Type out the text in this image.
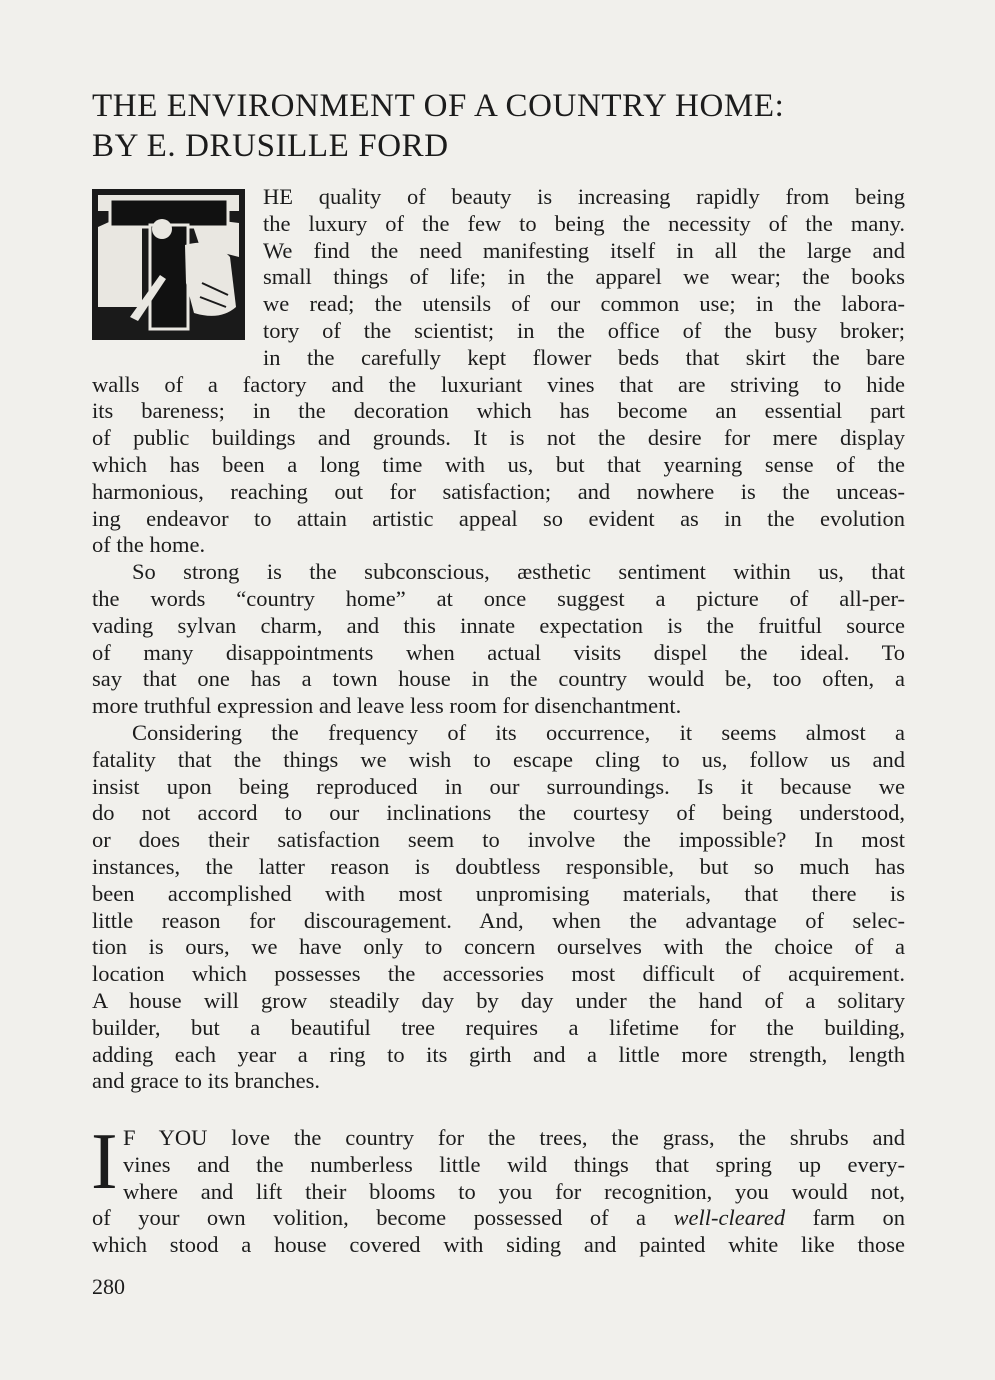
THE ENVIRONMENT OF A COUNTRY HOME:
BY E. DRUSILLE FORD
HE quality of beauty is increasing rapidly from being
the luxury of the few to being the necessity of the many.
We find the need manifesting itself in all the large and
small things of life; in the apparel we wear; the books
we read; the utensils of our common use; in the labora-
tory of the scientist; in the office of the busy broker;
in the carefully kept flower beds that skirt the bare
walls of a factory and the luxuriant vines that are striving to hide
its bareness; in the decoration which has become an essential part
of public buildings and grounds. It is not the desire for mere display
which has been a long time with us, but that yearning sense of the
harmonious, reaching out for satisfaction; and nowhere is the unceas-
ing endeavor to attain artistic appeal so evident as in the evolution
of the home.
So strong is the subconscious, æsthetic sentiment within us, that
the words “country home” at once suggest a picture of all-per-
vading sylvan charm, and this innate expectation is the fruitful source
of many disappointments when actual visits dispel the ideal. To
say that one has a town house in the country would be, too often, a
more truthful expression and leave less room for disenchantment.
Considering the frequency of its occurrence, it seems almost a
fatality that the things we wish to escape cling to us, follow us and
insist upon being reproduced in our surroundings. Is it because we
do not accord to our inclinations the courtesy of being understood,
or does their satisfaction seem to involve the impossible? In most
instances, the latter reason is doubtless responsible, but so much has
been accomplished with most unpromising materials, that there is
little reason for discouragement. And, when the advantage of selec-
tion is ours, we have only to concern ourselves with the choice of a
location which possesses the accessories most difficult of acquirement.
A house will grow steadily day by day under the hand of a solitary
builder, but a beautiful tree requires a lifetime for the building,
adding each year a ring to its girth and a little more strength, length
and grace to its branches.
I F YOU love the country for the trees, the grass, the shrubs and
vines and the numberless little wild things that spring up every-
where and lift their blooms to you for recognition, you would not,
of your own volition, become possessed of a well-cleared farm on
which stood a house covered with siding and painted white like those
280
